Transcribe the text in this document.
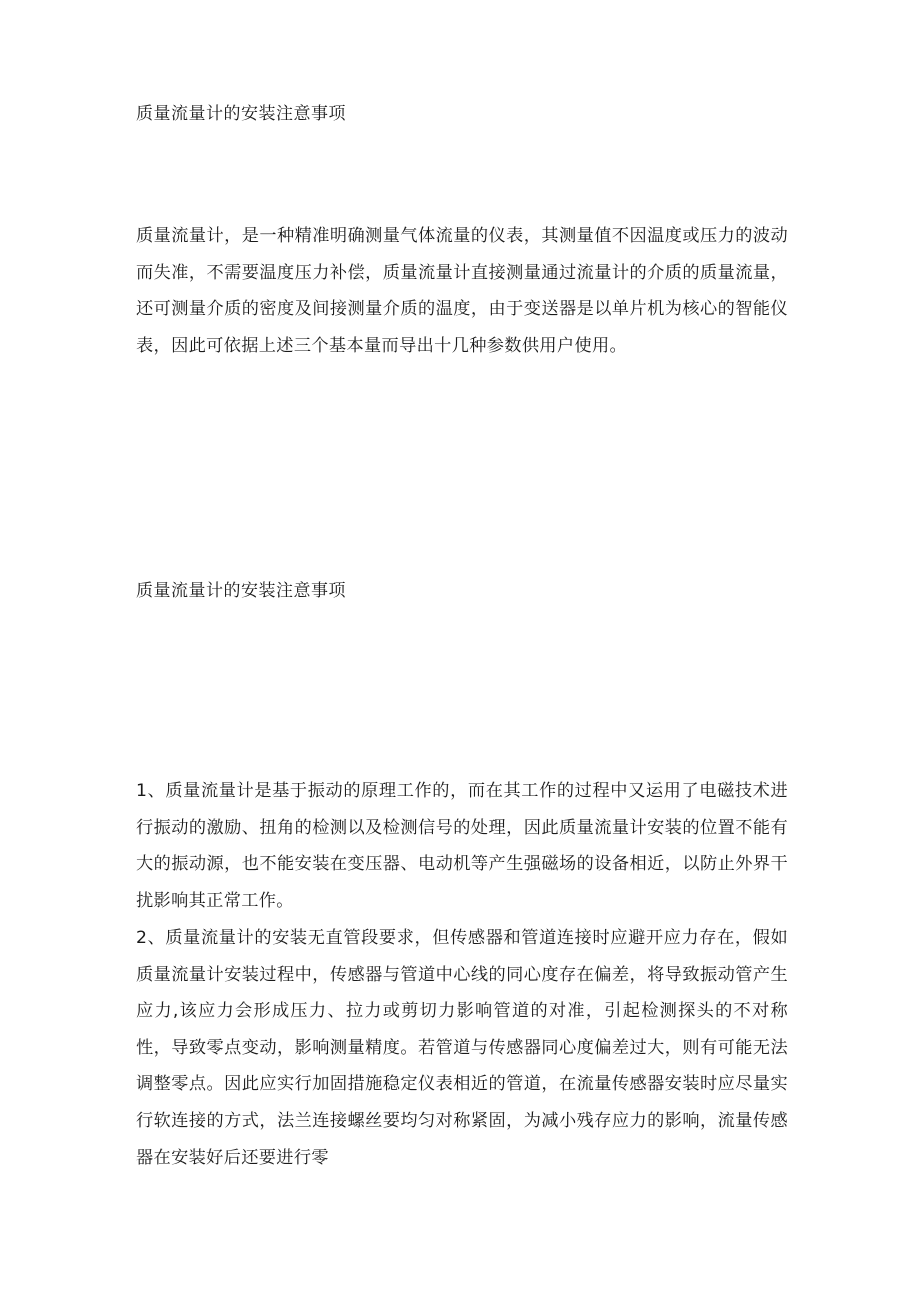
质量流量计的安装注意事项

质量流量计，是一种精准明确测量气体流量的仪表，其测量值不因温度或压力的波动而失准，不需要温度压力补偿，质量流量计直接测量通过流量计的介质的质量流量，还可测量介质的密度及间接测量介质的温度，由于变送器是以单片机为核心的智能仪表，因此可依据上述三个基本量而导出十几种参数供用户使用。

质量流量计的安装注意事项

1、质量流量计是基于振动的原理工作的，而在其工作的过程中又运用了电磁技术进行振动的激励、扭角的检测以及检测信号的处理，因此质量流量计安装的位置不能有大的振动源，也不能安装在变压器、电动机等产生强磁场的设备相近，以防止外界干扰影响其正常工作。

2、质量流量计的安装无直管段要求，但传感器和管道连接时应避开应力存在，假如质量流量计安装过程中，传感器与管道中心线的同心度存在偏差，将导致振动管产生应力,该应力会形成压力、拉力或剪切力影响管道的对准，引起检测探头的不对称性，导致零点变动，影响测量精度。若管道与传感器同心度偏差过大，则有可能无法调整零点。因此应实行加固措施稳定仪表相近的管道，在流量传感器安装时应尽量实行软连接的方式，法兰连接螺丝要均匀对称紧固，为减小残存应力的影响，流量传感器在安装好后还要进行零
